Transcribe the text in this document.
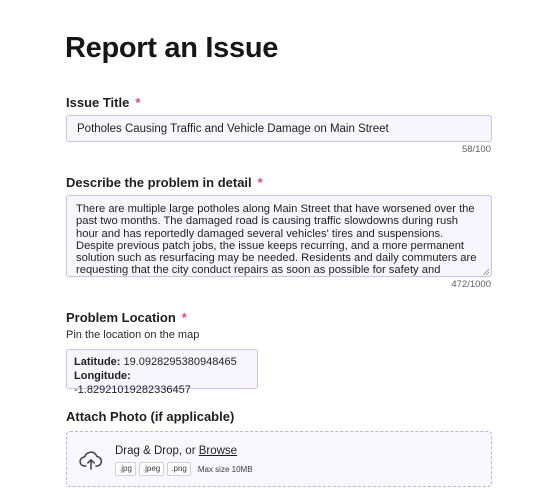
Report an Issue
Issue Title *
Potholes Causing Traffic and Vehicle Damage on Main Street
58/100
Describe the problem in detail *
There are multiple large potholes along Main Street that have worsened over the past two months. The damaged road is causing traffic slowdowns during rush hour and has reportedly damaged several vehicles' tires and suspensions. Despite previous patch jobs, the issue keeps recurring, and a more permanent solution such as resurfacing may be needed. Residents and daily commuters are requesting that the city conduct repairs as soon as possible for safety and
472/1000
Problem Location *
Pin the location on the map
Latitude: 19.0928295380948465
Longitude: -1.82921019282336457
Attach Photo (if applicable)
Drag & Drop, or Browse
.jpg	.jpeg	.png	Max size 10MB
